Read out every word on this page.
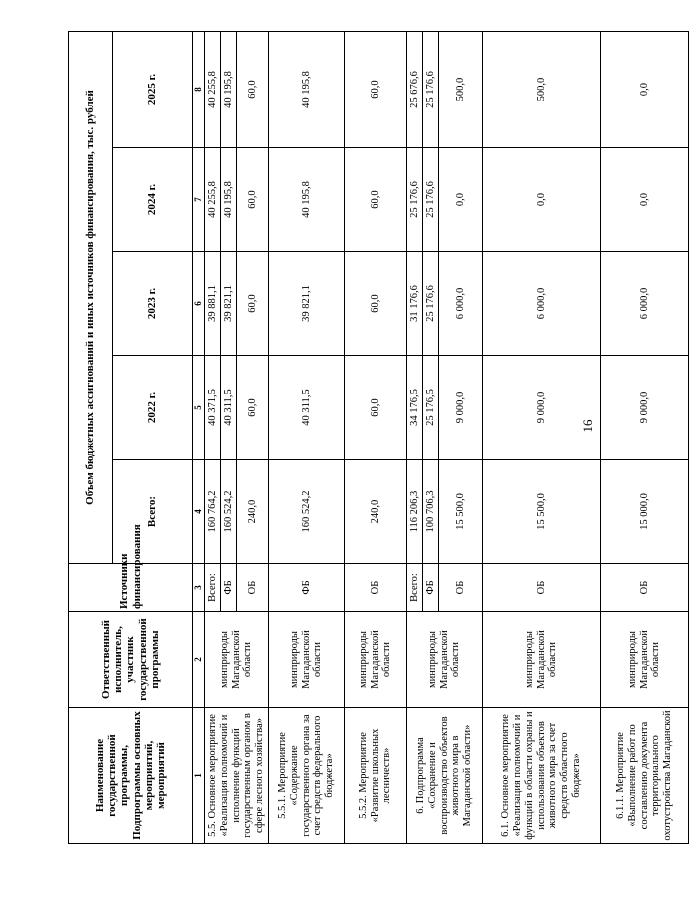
16
Наименование государственной программы, Подпрограммы основных мероприятий, мероприятий	Ответственный исполнитель, участник государственной программы	Источники финансирования	Объем бюджетных ассигнований и иных источников финансирования, тыс. рублей				
			Всего:	2022 г.	2023 г.	2024 г.	2025 г.
1	2	3	4	5	6	7	8
5.5. Основное мероприятие «Реализация полномочий и исполнение функций государственным органом в сфере лесного хозяйства»	минприроды Магаданской области	Всего:	160 764,2	40 371,5	39 881,1	40 255,8	40 255,8
		ФБ	160 524,2	40 311,5	39 821,1	40 195,8	40 195,8
		ОБ	240,0	60,0	60,0	60,0	60,0
5.5.1. Мероприятие «Содержание государственного органа за счет средств федерального бюджета»	минприроды Магаданской области	ФБ	160 524,2	40 311,5	39 821,1	40 195,8	40 195,8
5.5.2. Мероприятие «Развитие школьных лесничеств»	минприроды Магаданской области	ОБ	240,0	60,0	60,0	60,0	60,0
6. Подпрограмма «Сохранение и воспроизводство объектов животного мира в Магаданской области»	минприроды Магаданской области	Всего:	116 206,3	34 176,5	31 176,6	25 176,6	25 676,6
		ФБ	100 706,3	25 176,5	25 176,6	25 176,6	25 176,6
		ОБ	15 500,0	9 000,0	6 000,0	0,0	500,0
6.1. Основное мероприятие «Реализация полномочий и функций в области охраны и использования объектов животного мира за счет средств областного бюджета»	минприроды Магаданской области	ОБ	15 500,0	9 000,0	6 000,0	0,0	500,0
6.1.1. Мероприятие «Выполнение работ по составлению документа территориального охотустройства Магаданской	минприроды Магаданской области	ОБ	15 000,0	9 000,0	6 000,0	0,0	0,0
